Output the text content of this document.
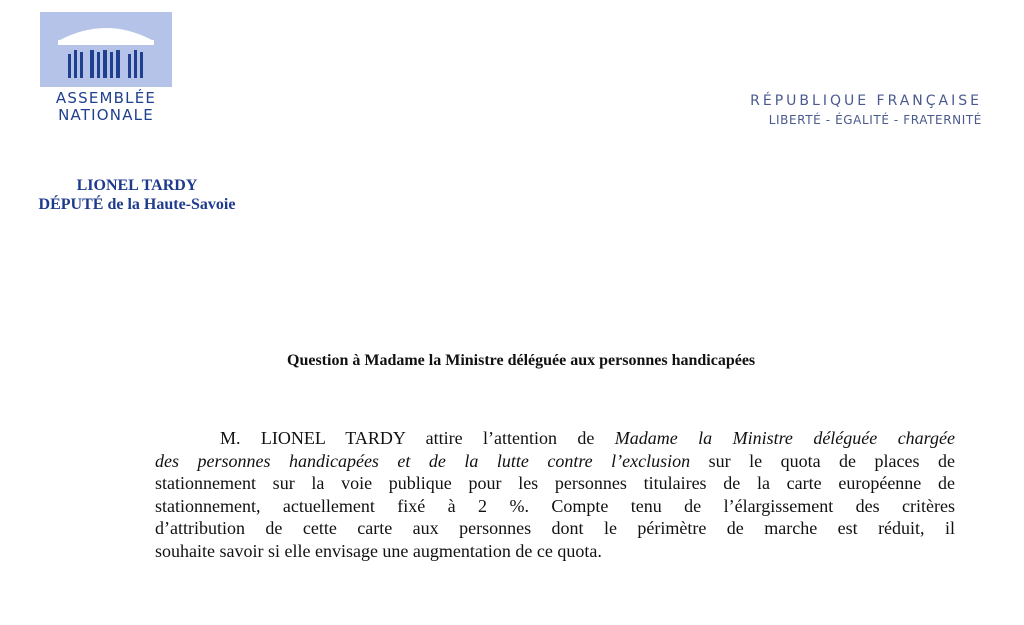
ASSEMBLÉE
NATIONALE
RÉPUBLIQUE FRANÇAISE
LIBERTÉ - ÉGALITÉ - FRATERNITÉ
LIONEL TARDY
DÉPUTÉ de la Haute-Savoie
Question à Madame la Ministre déléguée aux personnes handicapées
M. LIONEL TARDY attire l’attention de Madame la Ministre déléguée chargée
des personnes handicapées et de la lutte contre l’exclusion sur le quota de places de
stationnement sur la voie publique pour les personnes titulaires de la carte européenne de
stationnement, actuellement fixé à 2 %. Compte tenu de l’élargissement des critères
d’attribution de cette carte aux personnes dont le périmètre de marche est réduit, il
souhaite savoir si elle envisage une augmentation de ce quota.
